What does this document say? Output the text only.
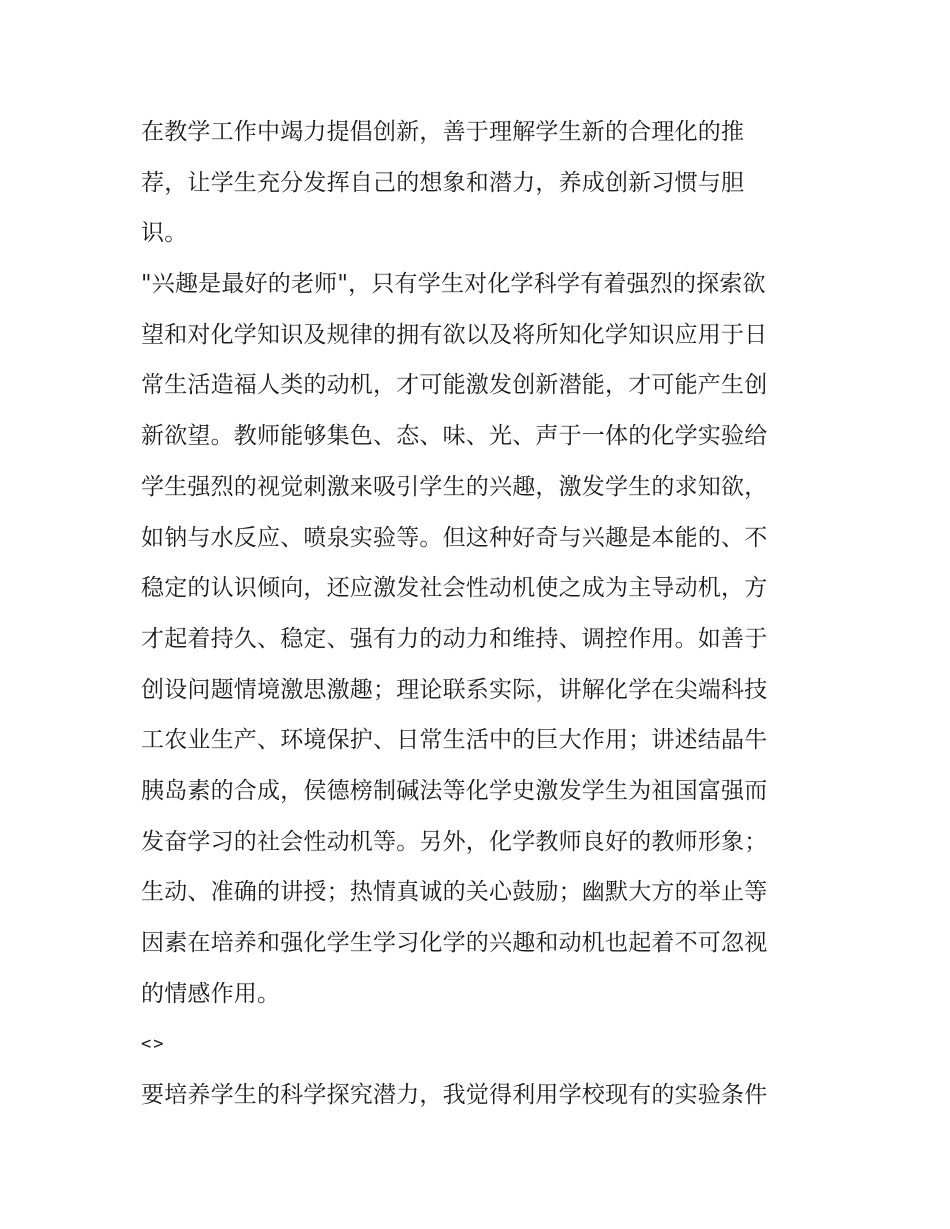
在教学工作中竭力提倡创新，善于理解学生新的合理化的推
荐，让学生充分发挥自己的想象和潜力，养成创新习惯与胆
识。
"兴趣是最好的老师"，只有学生对化学科学有着强烈的探索欲
望和对化学知识及规律的拥有欲以及将所知化学知识应用于日
常生活造福人类的动机，才可能激发创新潜能，才可能产生创
新欲望。教师能够集色、态、味、光、声于一体的化学实验给
学生强烈的视觉刺激来吸引学生的兴趣，激发学生的求知欲，
如钠与水反应、喷泉实验等。但这种好奇与兴趣是本能的、不
稳定的认识倾向，还应激发社会性动机使之成为主导动机，方
才起着持久、稳定、强有力的动力和维持、调控作用。如善于
创设问题情境激思激趣；理论联系实际，讲解化学在尖端科技
工农业生产、环境保护、日常生活中的巨大作用；讲述结晶牛
胰岛素的合成，侯德榜制碱法等化学史激发学生为祖国富强而
发奋学习的社会性动机等。另外，化学教师良好的教师形象；
生动、准确的讲授；热情真诚的关心鼓励；幽默大方的举止等
因素在培养和强化学生学习化学的兴趣和动机也起着不可忽视
的情感作用。
<>
要培养学生的科学探究潜力，我觉得利用学校现有的实验条件
